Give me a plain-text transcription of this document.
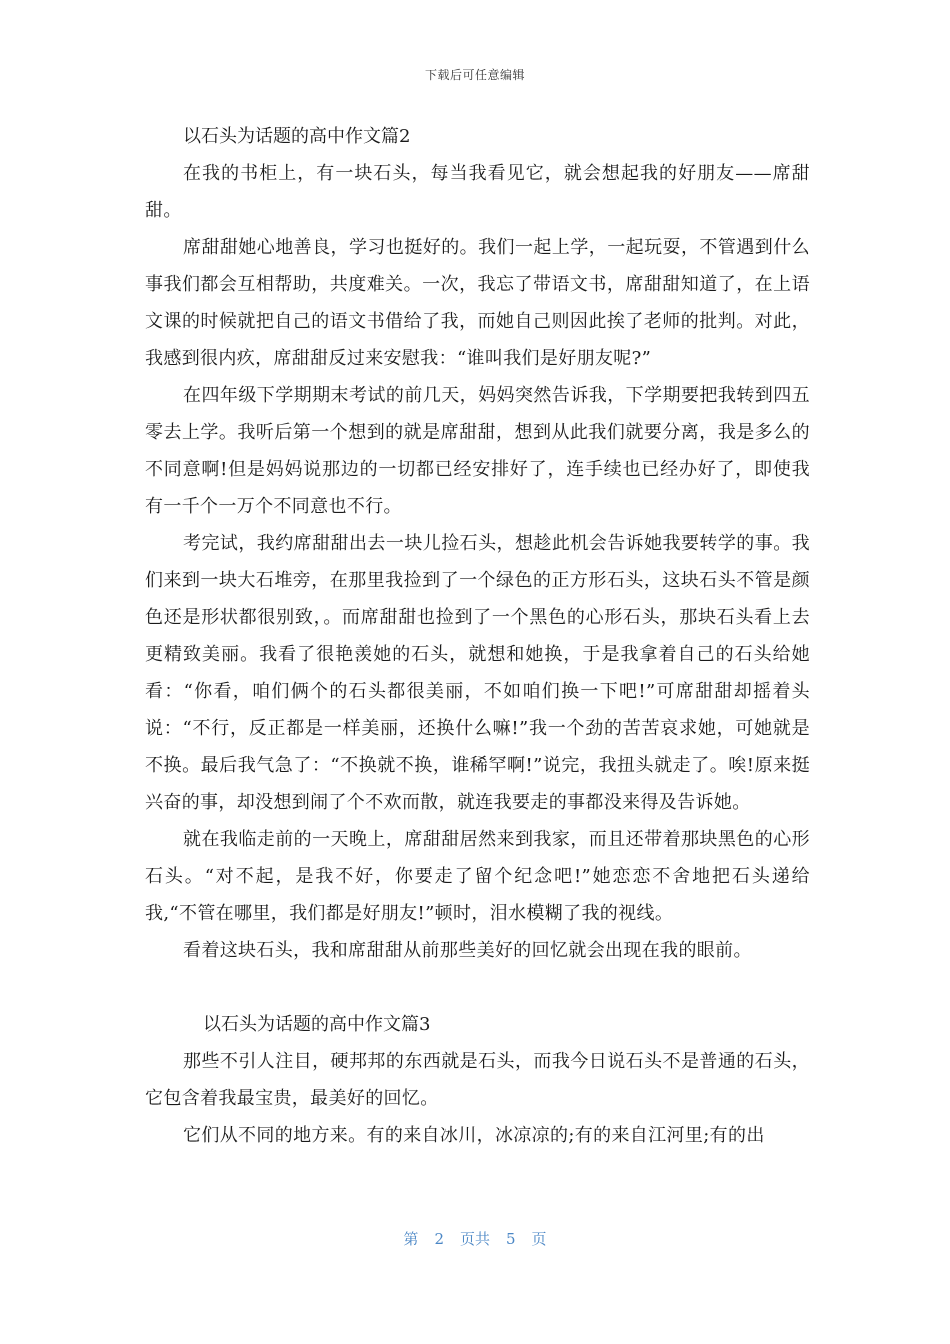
下载后可任意编辑
以石头为话题的高中作文篇2

在我的书柜上，有一块石头，每当我看见它，就会想起我的好朋友——席甜甜。

席甜甜她心地善良，学习也挺好的。我们一起上学，一起玩耍，不管遇到什么事我们都会互相帮助，共度难关。一次，我忘了带语文书，席甜甜知道了，在上语文课的时候就把自己的语文书借给了我，而她自己则因此挨了老师的批判。对此，我感到很内疚，席甜甜反过来安慰我：“谁叫我们是好朋友呢?”

在四年级下学期期末考试的前几天，妈妈突然告诉我，下学期要把我转到四五零去上学。我听后第一个想到的就是席甜甜，想到从此我们就要分离，我是多么的不同意啊!但是妈妈说那边的一切都已经安排好了，连手续也已经办好了，即使我有一千个一万个不同意也不行。

考完试，我约席甜甜出去一块儿捡石头，想趁此机会告诉她我要转学的事。我们来到一块大石堆旁，在那里我捡到了一个绿色的正方形石头，这块石头不管是颜色还是形状都很别致，。而席甜甜也捡到了一个黑色的心形石头，那块石头看上去更精致美丽。我看了很艳羡她的石头，就想和她换，于是我拿着自己的石头给她看：“你看，咱们俩个的石头都很美丽，不如咱们换一下吧!”可席甜甜却摇着头说：“不行，反正都是一样美丽，还换什么嘛!”我一个劲的苦苦哀求她，可她就是不换。最后我气急了：“不换就不换，谁稀罕啊!”说完，我扭头就走了。唉!原来挺兴奋的事，却没想到闹了个不欢而散，就连我要走的事都没来得及告诉她。

就在我临走前的一天晚上，席甜甜居然来到我家，而且还带着那块黑色的心形石头。“对不起，是我不好，你要走了留个纪念吧!”她恋恋不舍地把石头递给我,“不管在哪里，我们都是好朋友!”顿时，泪水模糊了我的视线。

看着这块石头，我和席甜甜从前那些美好的回忆就会出现在我的眼前。

以石头为话题的高中作文篇3

那些不引人注目，硬邦邦的东西就是石头，而我今日说石头不是普通的石头，它包含着我最宝贵，最美好的回忆。

它们从不同的地方来。有的来自冰川，冰凉凉的;有的来自江河里;有的出

第 2 页共 5 页
